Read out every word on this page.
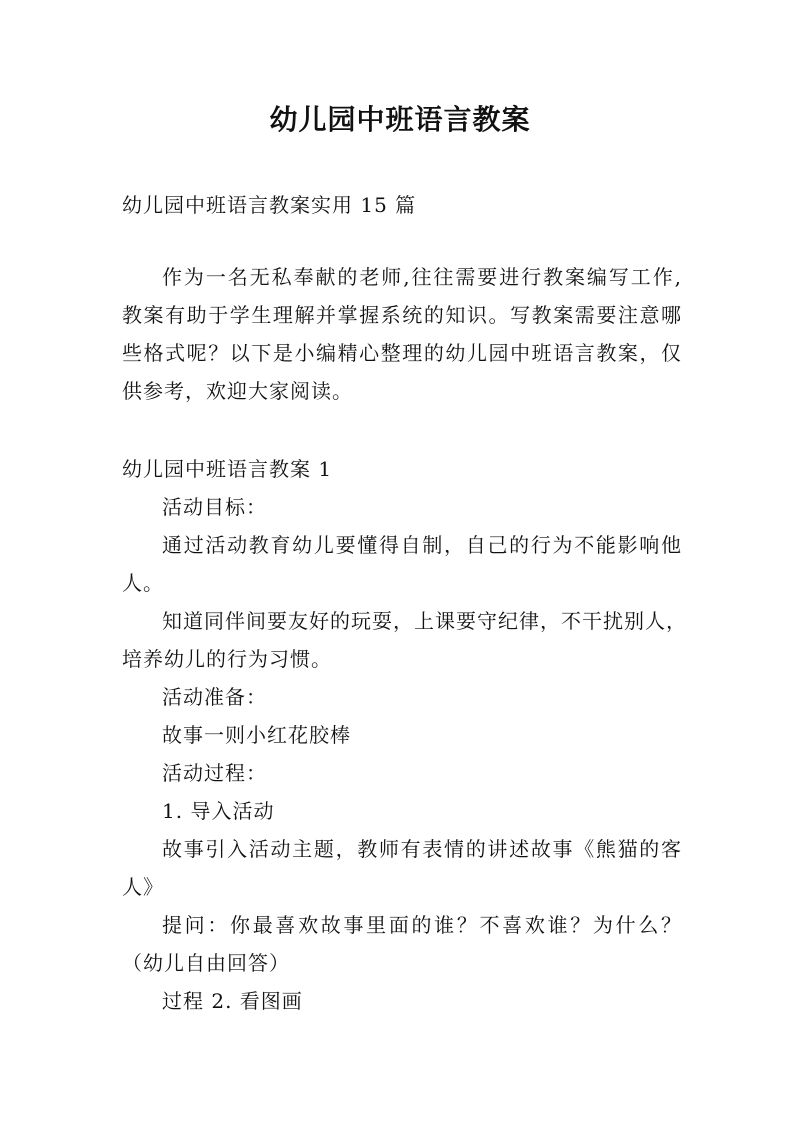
幼儿园中班语言教案
幼儿园中班语言教案实用 15 篇
作为一名无私奉献的老师,往往需要进行教案编写工作,
教案有助于学生理解并掌握系统的知识。写教案需要注意哪
些格式呢？以下是小编精心整理的幼儿园中班语言教案，仅
供参考，欢迎大家阅读。
幼儿园中班语言教案 1
活动目标：
通过活动教育幼儿要懂得自制，自己的行为不能影响他
人。
知道同伴间要友好的玩耍，上课要守纪律，不干扰别人，
培养幼儿的行为习惯。
活动准备：
故事一则小红花胶棒
活动过程：
1. 导入活动
故事引入活动主题，教师有表情的讲述故事《熊猫的客
人》
提问：你最喜欢故事里面的谁？不喜欢谁？为什么？
（幼儿自由回答）
过程 2. 看图画
